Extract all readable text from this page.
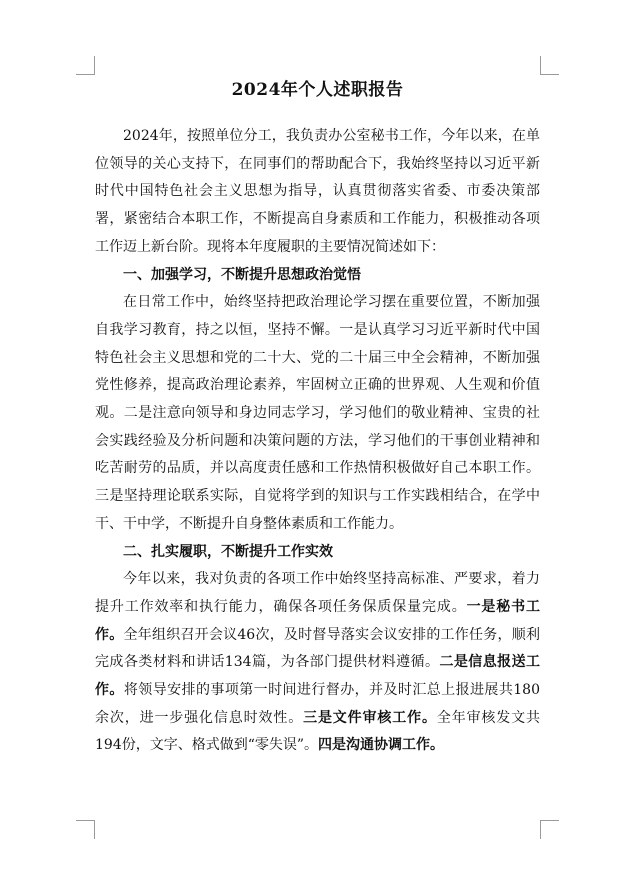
2024年个人述职报告

2024年，按照单位分工，我负责办公室秘书工作，今年以来，在单位领导的关心支持下，在同事们的帮助配合下，我始终坚持以习近平新时代中国特色社会主义思想为指导，认真贯彻落实省委、市委决策部署，紧密结合本职工作，不断提高自身素质和工作能力，积极推动各项工作迈上新台阶。现将本年度履职的主要情况简述如下：

一、加强学习，不断提升思想政治觉悟

在日常工作中，始终坚持把政治理论学习摆在重要位置，不断加强自我学习教育，持之以恒，坚持不懈。一是认真学习习近平新时代中国特色社会主义思想和党的二十大、党的二十届三中全会精神，不断加强党性修养，提高政治理论素养，牢固树立正确的世界观、人生观和价值观。二是注意向领导和身边同志学习，学习他们的敬业精神、宝贵的社会实践经验及分析问题和决策问题的方法，学习他们的干事创业精神和吃苦耐劳的品质，并以高度责任感和工作热情积极做好自己本职工作。三是坚持理论联系实际，自觉将学到的知识与工作实践相结合，在学中干、干中学，不断提升自身整体素质和工作能力。

二、扎实履职，不断提升工作实效

今年以来，我对负责的各项工作中始终坚持高标准、严要求，着力提升工作效率和执行能力，确保各项任务保质保量完成。一是秘书工作。全年组织召开会议46次，及时督导落实会议安排的工作任务，顺利完成各类材料和讲话134篇，为各部门提供材料遵循。二是信息报送工作。将领导安排的事项第一时间进行督办，并及时汇总上报进展共180余次，进一步强化信息时效性。三是文件审核工作。全年审核发文共194份，文字、格式做到“零失误”。四是沟通协调工作。
